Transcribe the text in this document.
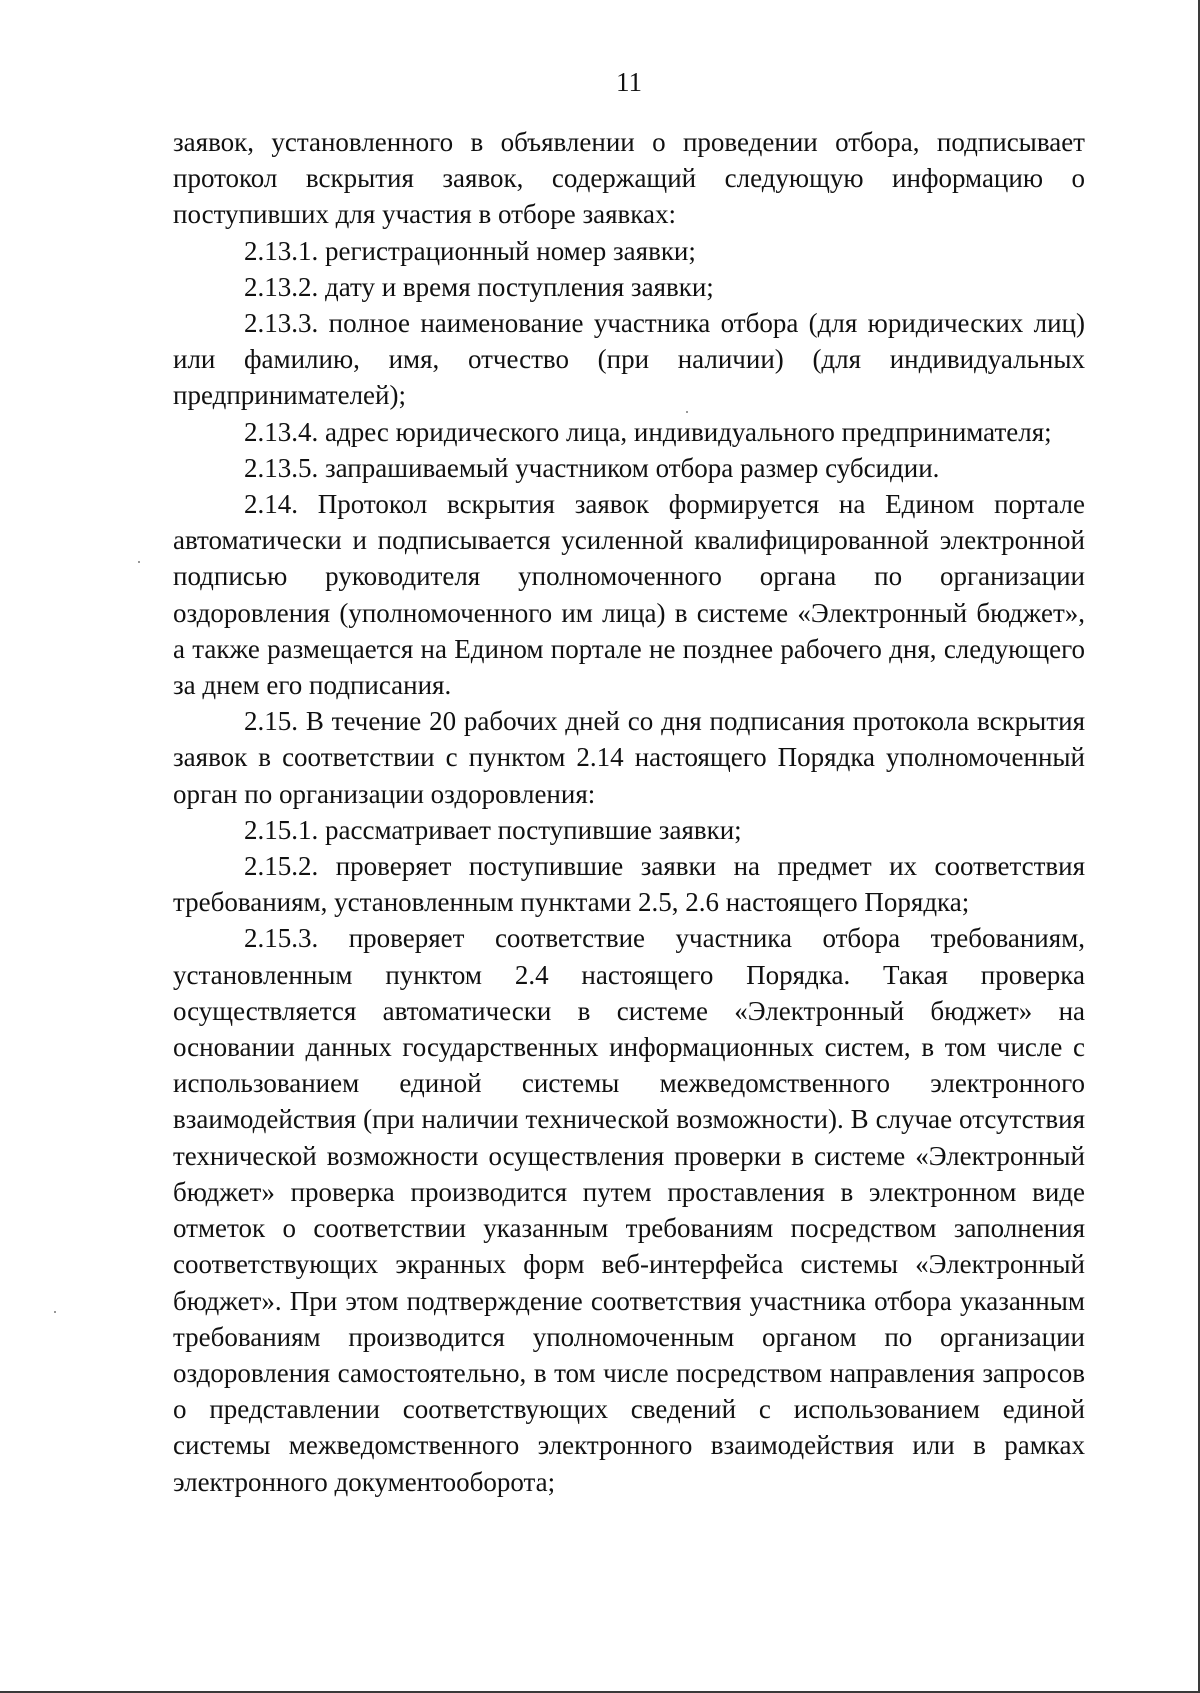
11

заявок, установленного в объявлении о проведении отбора, подписывает протокол вскрытия заявок, содержащий следующую информацию о поступивших для участия в отборе заявках:

2.13.1. регистрационный номер заявки;

2.13.2. дату и время поступления заявки;

2.13.3. полное наименование участника отбора (для юридических лиц) или фамилию, имя, отчество (при наличии) (для индивидуальных предпринимателей);

2.13.4. адрес юридического лица, индивидуального предпринимателя;

2.13.5. запрашиваемый участником отбора размер субсидии.

2.14. Протокол вскрытия заявок формируется на Едином портале автоматически и подписывается усиленной квалифицированной электронной подписью руководителя уполномоченного органа по организации оздоровления (уполномоченного им лица) в системе «Электронный бюджет», а также размещается на Едином портале не позднее рабочего дня, следующего за днем его подписания.

2.15. В течение 20 рабочих дней со дня подписания протокола вскрытия заявок в соответствии с пунктом 2.14 настоящего Порядка уполномоченный орган по организации оздоровления:

2.15.1. рассматривает поступившие заявки;

2.15.2. проверяет поступившие заявки на предмет их соответствия требованиям, установленным пунктами 2.5, 2.6 настоящего Порядка;

2.15.3. проверяет соответствие участника отбора требованиям, установленным пунктом 2.4 настоящего Порядка. Такая проверка осуществляется автоматически в системе «Электронный бюджет» на основании данных государственных информационных систем, в том числе с использованием единой системы межведомственного электронного взаимодействия (при наличии технической возможности). В случае отсутствия технической возможности осуществления проверки в системе «Электронный бюджет» проверка производится путем проставления в электронном виде отметок о соответствии указанным требованиям посредством заполнения соответствующих экранных форм веб-интерфейса системы «Электронный бюджет». При этом подтверждение соответствия участника отбора указанным требованиям производится уполномоченным органом по организации оздоровления самостоятельно, в том числе посредством направления запросов о представлении соответствующих сведений с использованием единой системы межведомственного электронного взаимодействия или в рамках электронного документооборота;
